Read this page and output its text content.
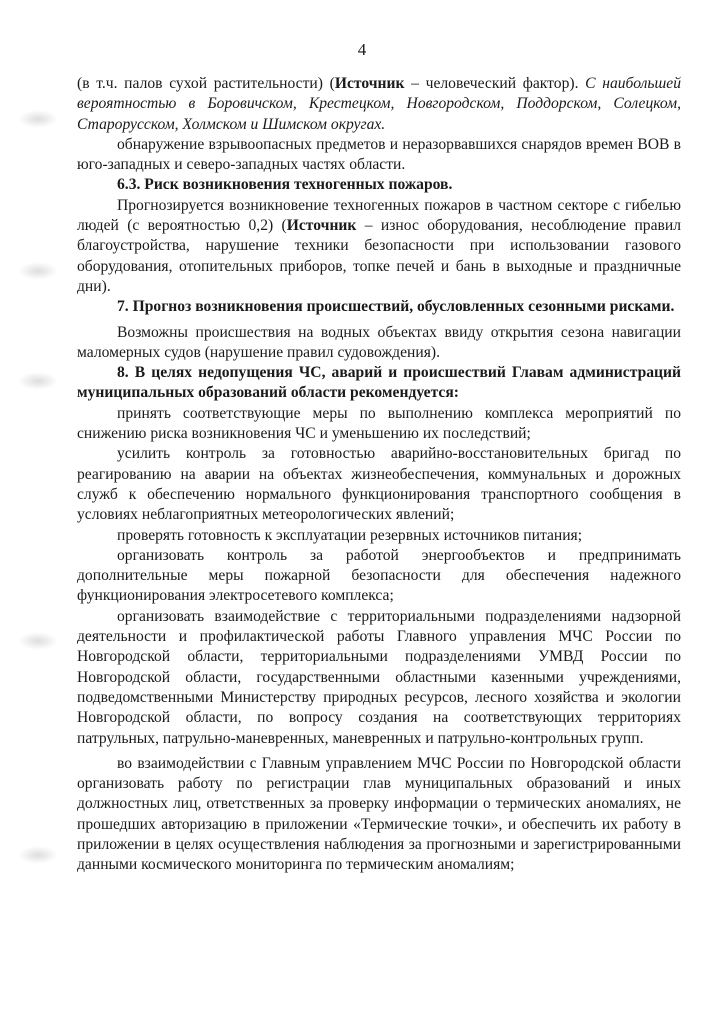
4

(в т.ч. палов сухой растительности) (Источник – человеческий фактор). С наибольшей вероятностью в Боровичском, Крестецком, Новгородском, Поддорском, Солецком, Старорусском, Холмском и Шимском округах.

обнаружение взрывоопасных предметов и неразорвавшихся снарядов времен ВОВ в юго-западных и северо-западных частях области.

6.3. Риск возникновения техногенных пожаров.

Прогнозируется возникновение техногенных пожаров в частном секторе с гибелью людей (с вероятностью 0,2) (Источник – износ оборудования, несоблюдение правил благоустройства, нарушение техники безопасности при использовании газового оборудования, отопительных приборов, топке печей и бань в выходные и праздничные дни).

7. Прогноз возникновения происшествий, обусловленных сезонными рисками.

Возможны происшествия на водных объектах ввиду открытия сезона навигации маломерных судов (нарушение правил судовождения).

8. В целях недопущения ЧС, аварий и происшествий Главам администраций муниципальных образований области рекомендуется:

принять соответствующие меры по выполнению комплекса мероприятий по снижению риска возникновения ЧС и уменьшению их последствий;

усилить контроль за готовностью аварийно-восстановительных бригад по реагированию на аварии на объектах жизнеобеспечения, коммунальных и дорожных служб к обеспечению нормального функционирования транспортного сообщения в условиях неблагоприятных метеорологических явлений;

проверять готовность к эксплуатации резервных источников питания;

организовать контроль за работой энергообъектов и предпринимать дополнительные меры пожарной безопасности для обеспечения надежного функционирования электросетевого комплекса;

организовать взаимодействие с территориальными подразделениями надзорной деятельности и профилактической работы Главного управления МЧС России по Новгородской области, территориальными подразделениями УМВД России по Новгородской области, государственными областными казенными учреждениями, подведомственными Министерству природных ресурсов, лесного хозяйства и экологии Новгородской области, по вопросу создания на соответствующих территориях патрульных, патрульно-маневренных, маневренных и патрульно-контрольных групп.

во взаимодействии с Главным управлением МЧС России по Новгородской области организовать работу по регистрации глав муниципальных образований и иных должностных лиц, ответственных за проверку информации о термических аномалиях, не прошедших авторизацию в приложении «Термические точки», и обеспечить их работу в приложении в целях осуществления наблюдения за прогнозными и зарегистрированными данными космического мониторинга по термическим аномалиям;
